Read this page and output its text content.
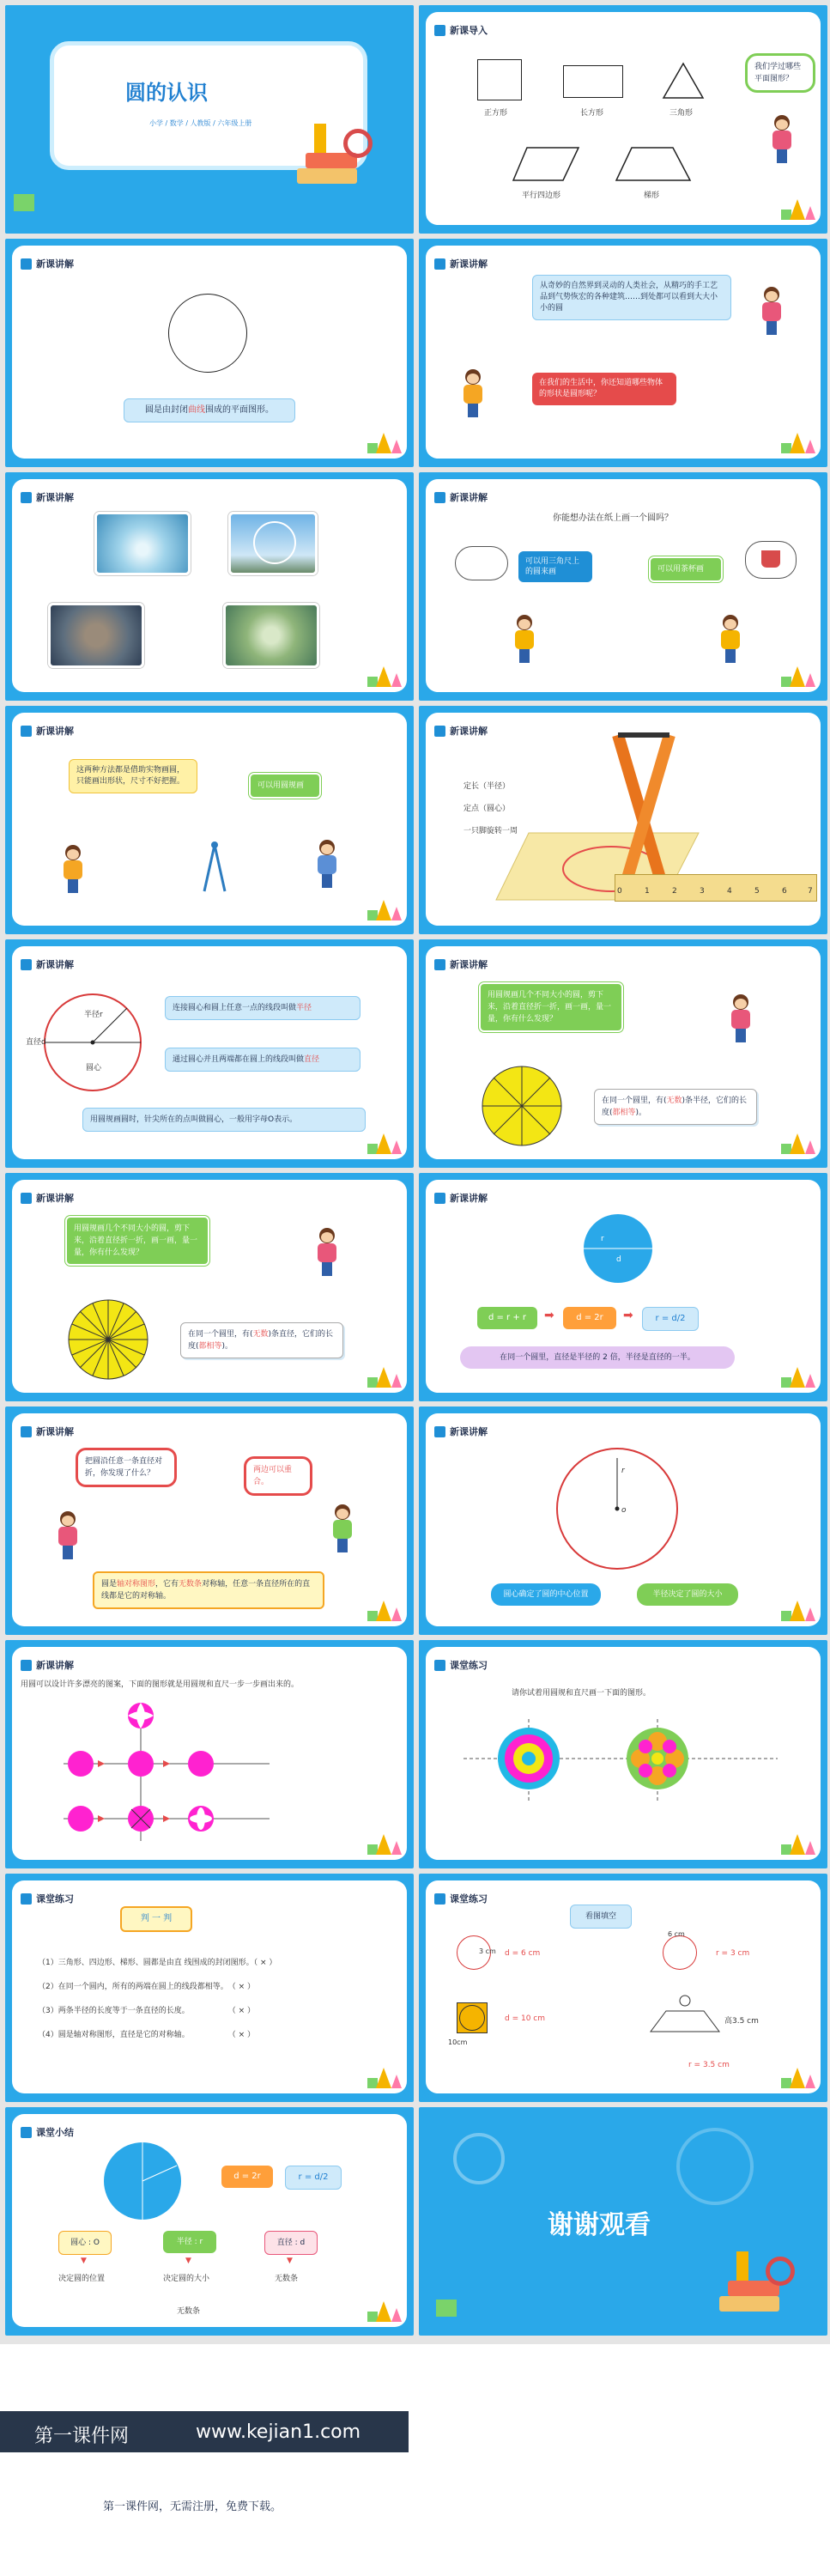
圆的认识
小学 / 数学 / 人教版 / 六年级上册
新课导入
正方形	长方形	三角形
平行四边形	梯形
我们学过哪些平面图形？
新课讲解
圆是由封闭曲线围成的平面图形。
新课讲解
从奇妙的自然界到灵动的人类社会，从精巧的手工艺品到气势恢宏的各种建筑……到处都可以看到大大小小的圆
在我们的生活中，你还知道哪些物体的形状是圆形呢？
新课讲解	新课讲解
你能想办法在纸上画一个圆吗？
可以用三角尺上的圆来画	可以用茶杯画
新课讲解
这两种方法都是借助实物画圆，只能画出形状，尺寸不好把握。	可以用圆规画
新课讲解
定长（半径）
定点（圆心）
一只脚旋转一周
0	1	2	3	4	5	6	7
新课讲解
半径r
直径d
圆心
连接圆心和圆上任意一点的线段叫做半径
通过圆心并且两端都在圆上的线段叫做直径
用圆规画圆时，针尖所在的点叫做圆心，一般用字母O表示。
新课讲解
用圆规画几个不同大小的圆，剪下来，沿着直径折一折，画一画，量一量，你有什么发现？
在同一个圆里，有(无数)条半径，它们的长度(都相等)。
新课讲解
用圆规画几个不同大小的圆，剪下来，沿着直径折一折，画一画，量一量，你有什么发现？
在同一个圆里，有(无数)条直径，它们的长度(都相等)。
新课讲解
r
d
d = r + r	➡	d = 2r	➡	r = d/2
在同一个圆里，直径是半径的 2 倍，半径是直径的一半。
新课讲解
把圆沿任意一条直径对折，你发现了什么？	两边可以重合。
圆是轴对称图形，它有无数条对称轴，任意一条直径所在的直线都是它的对称轴。
新课讲解
r
o
圆心确定了圆的中心位置	半径决定了圆的大小
新课讲解
用圆可以设计许多漂亮的图案，下面的图形就是用圆规和直尺一步一步画出来的。
课堂练习
请你试着用圆规和直尺画一下面的图形。
课堂练习
判 一 判
（1）三角形、四边形、梯形、圆都是由直 线围成的封闭图形。（ × ）
（2）在同一个圆内，所有的两端在圆上的线段都相等。　（ × ）
（3）两条半径的长度等于一条直径的长度。　　　　　　（ × ）
（4）圆是轴对称图形，直径是它的对称轴。　　　　　　（ × ）
课堂练习
看图填空
3 cm d = 6 cm
6 cm
r = 3 cm
10cm
d = 10 cm	高3.5 cm
r = 3.5 cm
课堂小结
d = 2r	r = d/2
圆心 : O	半径 : r	直径 : d
▼	▼	▼
决定圆的位置	决定圆的大小	无数条
无数条
谢谢观看
第一课件网	www.kejian1.com
第一课件网，无需注册，免费下载。
